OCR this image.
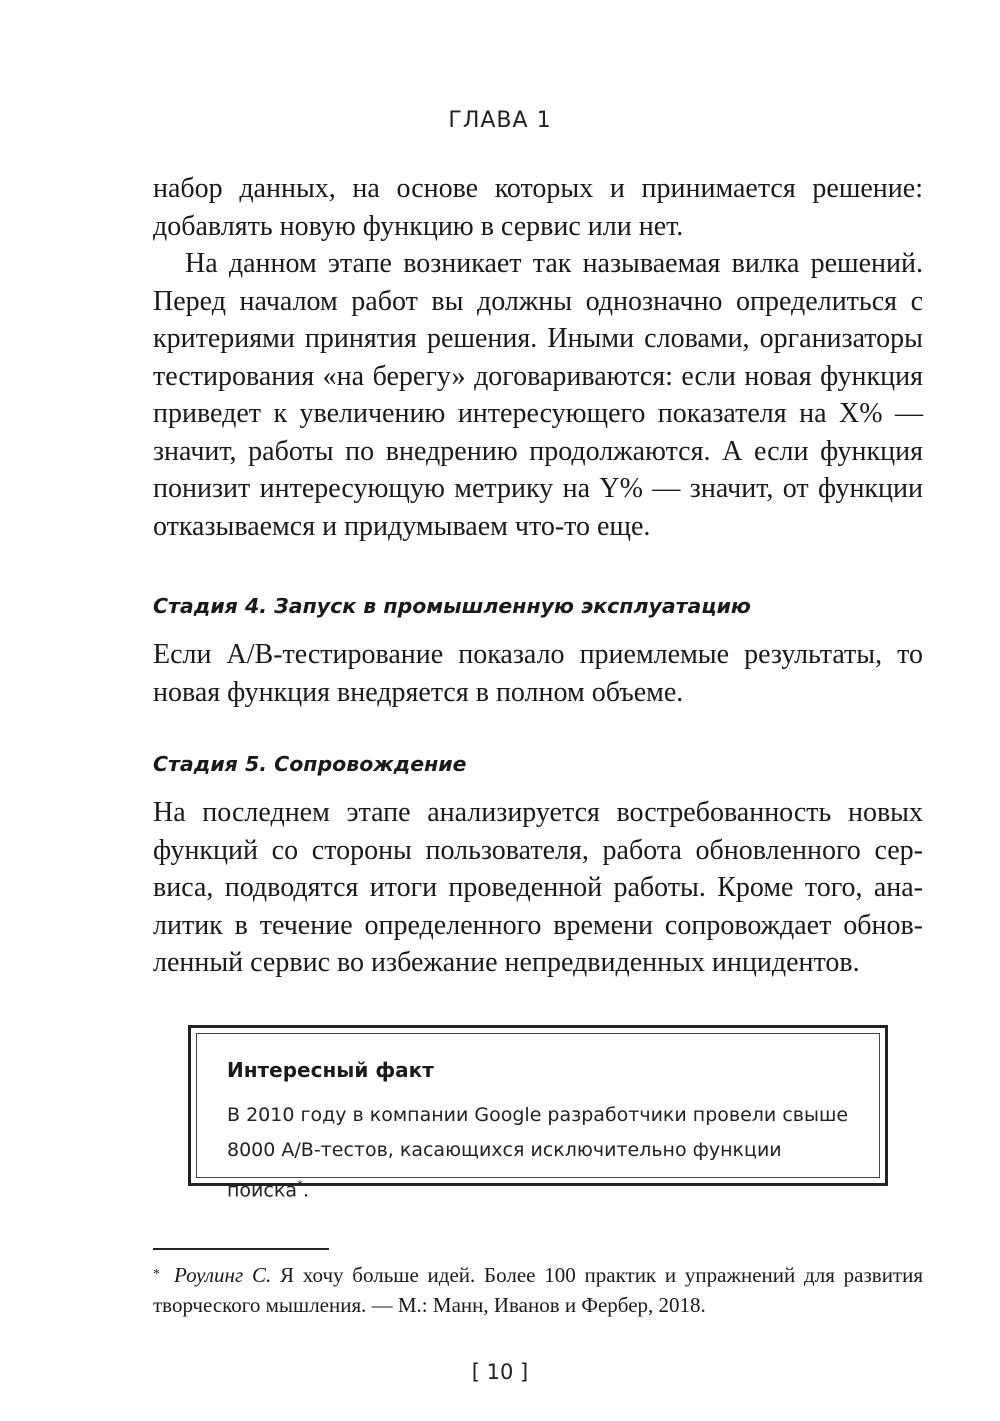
ГЛАВА 1

набор данных, на основе которых и принимается решение: добавлять новую функцию в сервис или нет.

На данном этапе возникает так называемая вилка решений. Перед началом работ вы должны однозначно определиться с критериями принятия решения. Иными словами, организаторы тестирования «на берегу» договариваются: если новая функция приведет к увеличению интересующего показателя на X% — значит, работы по внедрению продолжаются. А если функция понизит интересующую метрику на Y% — значит, от функции отказываемся и придумываем что-то еще.

Стадия 4. Запуск в промышленную эксплуатацию

Если A/B-тестирование показало приемлемые результаты, то новая функция внедряется в полном объеме.

Стадия 5. Сопровождение

На последнем этапе анализируется востребованность новых функций со стороны пользователя, работа обновленного сервиса, подводятся итоги проведенной работы. Кроме того, аналитик в течение определенного времени сопровождает обновленный сервис во избежание непредвиденных инцидентов.

Интересный факт
В 2010 году в компании Google разработчики провели свыше 8000 A/B-тестов, касающихся исключительно функции поиска*.
* Роулинг С. Я хочу больше идей. Более 100 практик и упражнений для развития творческого мышления. — М.: Манн, Иванов и Фербер, 2018.
[ 10 ]
